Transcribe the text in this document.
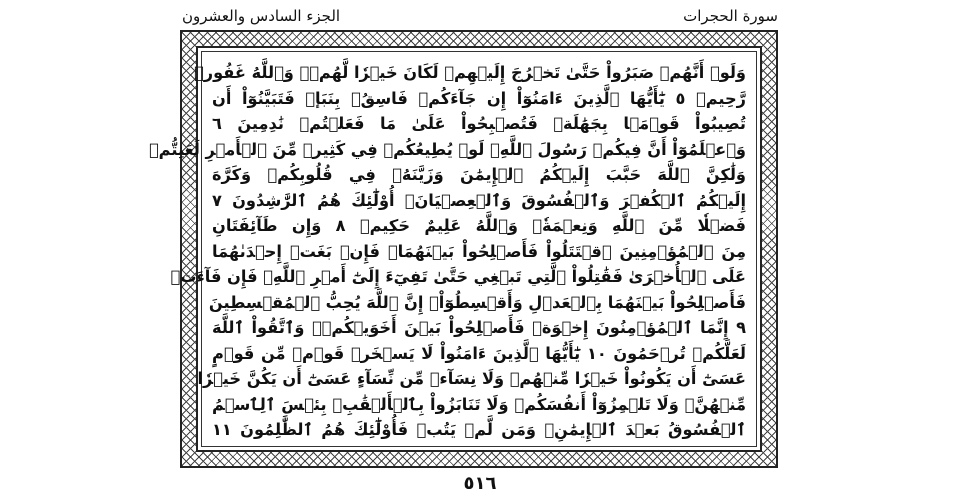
سورة الحجرات
الجزء السادس والعشرون
وَلَوۡ أَنَّهُمۡ صَبَرُواْ حَتَّىٰ تَخۡرُجَ إِلَيۡهِمۡ لَكَانَ خَيۡرٗا لَّهُمۡۚ وَٱللَّهُ غَفُورٞ
رَّحِيمٞ ٥ يَٰٓأَيُّهَا ٱلَّذِينَ ءَامَنُوٓاْ إِن جَآءَكُمۡ فَاسِقُۢ بِنَبَإٖ فَتَبَيَّنُوٓاْ أَن
تُصِيبُواْ قَوۡمَۢا بِجَهَٰلَةٖ فَتُصۡبِحُواْ عَلَىٰ مَا فَعَلۡتُمۡ نَٰدِمِينَ ٦
وَٱعۡلَمُوٓاْ أَنَّ فِيكُمۡ رَسُولَ ٱللَّهِۚ لَوۡ يُطِيعُكُمۡ فِي كَثِيرٖ مِّنَ ٱلۡأَمۡرِ لَعَنِتُّمۡ
وَلَٰكِنَّ ٱللَّهَ حَبَّبَ إِلَيۡكُمُ ٱلۡإِيمَٰنَ وَزَيَّنَهُۥ فِي قُلُوبِكُمۡ وَكَرَّهَ
إِلَيۡكُمُ ٱلۡكُفۡرَ وَٱلۡفُسُوقَ وَٱلۡعِصۡيَانَۚ أُوْلَٰٓئِكَ هُمُ ٱلرَّٰشِدُونَ ٧
فَضۡلٗا مِّنَ ٱللَّهِ وَنِعۡمَةٗۚ وَٱللَّهُ عَلِيمٌ حَكِيمٞ ٨ وَإِن طَآئِفَتَانِ
مِنَ ٱلۡمُؤۡمِنِينَ ٱقۡتَتَلُواْ فَأَصۡلِحُواْ بَيۡنَهُمَاۖ فَإِنۢ بَغَتۡ إِحۡدَىٰهُمَا
عَلَى ٱلۡأُخۡرَىٰ فَقَٰتِلُواْ ٱلَّتِي تَبۡغِي حَتَّىٰ تَفِيٓءَ إِلَىٰٓ أَمۡرِ ٱللَّهِۚ فَإِن فَآءَتۡ
فَأَصۡلِحُواْ بَيۡنَهُمَا بِٱلۡعَدۡلِ وَأَقۡسِطُوٓاْۖ إِنَّ ٱللَّهَ يُحِبُّ ٱلۡمُقۡسِطِينَ
٩ إِنَّمَا ٱلۡمُؤۡمِنُونَ إِخۡوَةٞ فَأَصۡلِحُواْ بَيۡنَ أَخَوَيۡكُمۡۚ وَٱتَّقُواْ ٱللَّهَ
لَعَلَّكُمۡ تُرۡحَمُونَ ١٠ يَٰٓأَيُّهَا ٱلَّذِينَ ءَامَنُواْ لَا يَسۡخَرۡ قَوۡمٞ مِّن قَوۡمٍ
عَسَىٰٓ أَن يَكُونُواْ خَيۡرٗا مِّنۡهُمۡ وَلَا نِسَآءٞ مِّن نِّسَآءٍ عَسَىٰٓ أَن يَكُنَّ خَيۡرٗا
مِّنۡهُنَّۖ وَلَا تَلۡمِزُوٓاْ أَنفُسَكُمۡ وَلَا تَنَابَزُواْ بِٱلۡأَلۡقَٰبِۖ بِئۡسَ ٱلِٱسۡمُ
ٱلۡفُسُوقُ بَعۡدَ ٱلۡإِيمَٰنِۚ وَمَن لَّمۡ يَتُبۡ فَأُوْلَٰٓئِكَ هُمُ ٱلظَّٰلِمُونَ ١١
٥١٦
